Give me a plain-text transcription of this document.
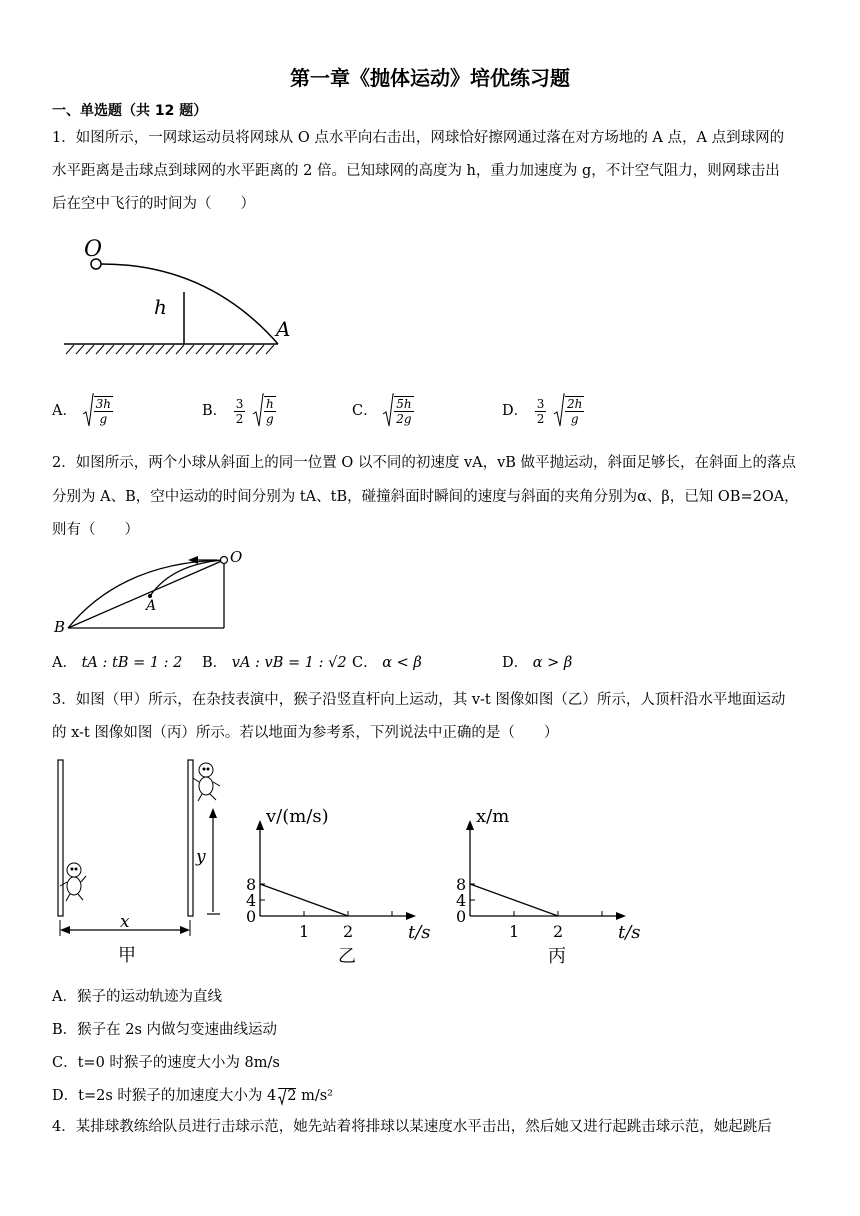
第一章《抛体运动》培优练习题
一、单选题（共 12 题）
1．如图所示，一网球运动员将网球从 O 点水平向右击出，网球恰好擦网通过落在对方场地的 A 点，A 点到球网的
水平距离是击球点到球网的水平距离的 2 倍。已知球网的高度为 h，重力加速度为 g，不计空气阻力，则网球击出
后在空中飞行的时间为（　　）
O
h
A
A． $\frac{3h}{g}$	B． $\frac{3}{2}$
$\frac{h}{g}$	C． $\frac{5h}{2g}$	D． $\frac{3}{2}$
$\frac{2h}{g}$
2．如图所示，两个小球从斜面上的同一位置 O 以不同的初速度 vA，vB 做平抛运动，斜面足够长，在斜面上的落点
分别为 A、B，空中运动的时间分别为 tA、tB，碰撞斜面时瞬间的速度与斜面的夹角分别为α、β，已知 OB=2OA，
则有（　　）
O
A
B
A． tA : tB = 1 : 2 B． vA : vB = 1 : √2 C． α < β	D． α > β
3．如图（甲）所示，在杂技表演中，猴子沿竖直杆向上运动，其 v-t 图像如图（乙）所示，人顶杆沿水平地面运动
的 x-t 图像如图（丙）所示。若以地面为参考系，下列说法中正确的是（　　）
y
x
甲
0
4
8
1 2
v/(m/s)
t/s
乙
0
4
8
1 2
x/m
t/s
丙
A．猴子的运动轨迹为直线
B．猴子在 2s 内做匀变速曲线运动
C．t=0 时猴子的速度大小为 8m/s
D．t=2s 时猴子的加速度大小为 4 2 m/s²
4．某排球教练给队员进行击球示范，她先站着将排球以某速度水平击出，然后她又进行起跳击球示范，她起跳后
